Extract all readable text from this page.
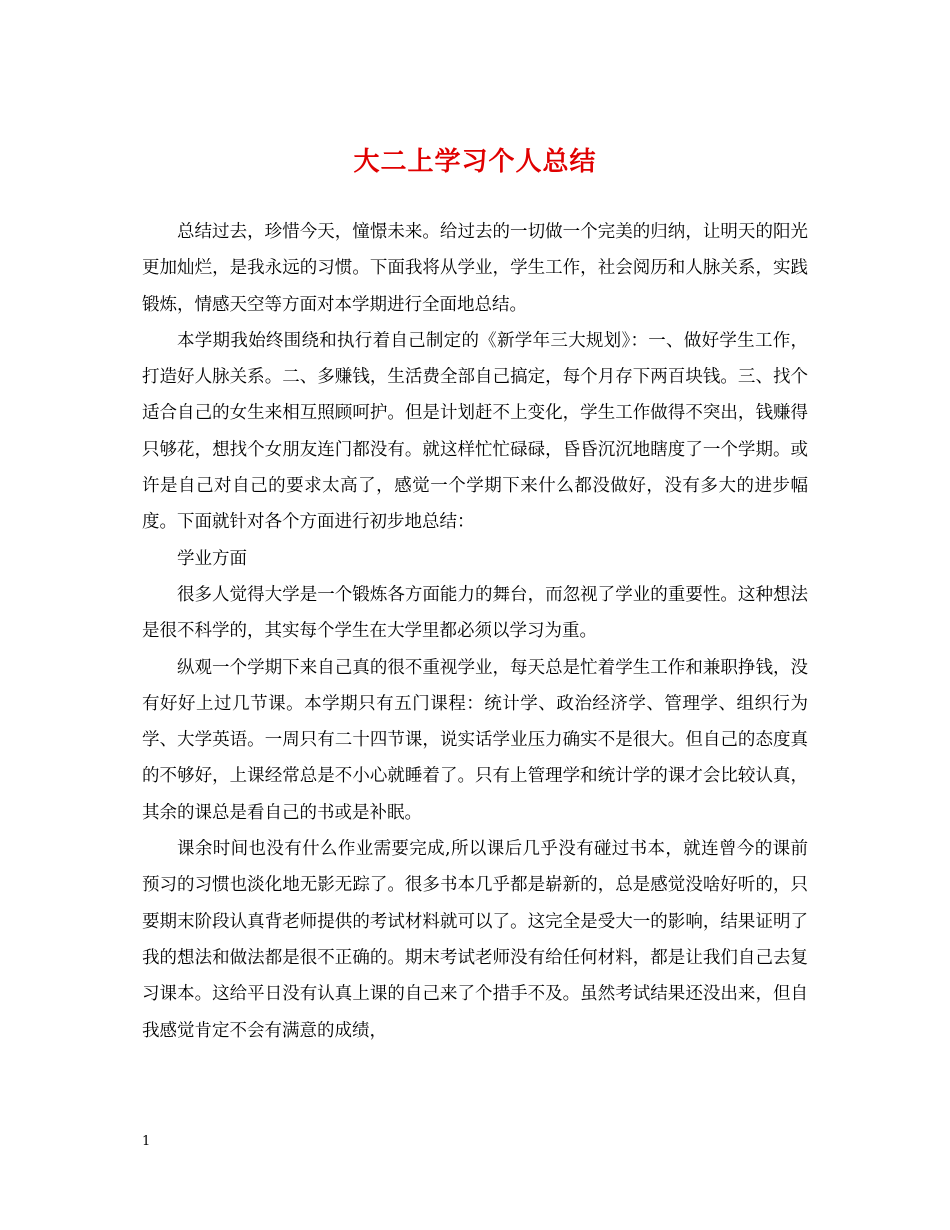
大二上学习个人总结

总结过去，珍惜今天，憧憬未来。给过去的一切做一个完美的归纳，让明天的阳光更加灿烂，是我永远的习惯。下面我将从学业，学生工作，社会阅历和人脉关系，实践锻炼，情感天空等方面对本学期进行全面地总结。

本学期我始终围绕和执行着自己制定的《新学年三大规划》：一、做好学生工作，打造好人脉关系。二、多赚钱，生活费全部自己搞定，每个月存下两百块钱。三、找个适合自己的女生来相互照顾呵护。但是计划赶不上变化，学生工作做得不突出，钱赚得只够花，想找个女朋友连门都没有。就这样忙忙碌碌，昏昏沉沉地瞎度了一个学期。或许是自己对自己的要求太高了，感觉一个学期下来什么都没做好，没有多大的进步幅度。下面就针对各个方面进行初步地总结：

学业方面

很多人觉得大学是一个锻炼各方面能力的舞台，而忽视了学业的重要性。这种想法是很不科学的，其实每个学生在大学里都必须以学习为重。

纵观一个学期下来自己真的很不重视学业，每天总是忙着学生工作和兼职挣钱，没有好好上过几节课。本学期只有五门课程：统计学、政治经济学、管理学、组织行为学、大学英语。一周只有二十四节课，说实话学业压力确实不是很大。但自己的态度真的不够好，上课经常总是不小心就睡着了。只有上管理学和统计学的课才会比较认真，其余的课总是看自己的书或是补眠。

课余时间也没有什么作业需要完成,所以课后几乎没有碰过书本，就连曾今的课前预习的习惯也淡化地无影无踪了。很多书本几乎都是崭新的，总是感觉没啥好听的，只要期末阶段认真背老师提供的考试材料就可以了。这完全是受大一的影响，结果证明了我的想法和做法都是很不正确的。期末考试老师没有给任何材料，都是让我们自己去复习课本。这给平日没有认真上课的自己来了个措手不及。虽然考试结果还没出来，但自我感觉肯定不会有满意的成绩，

1
